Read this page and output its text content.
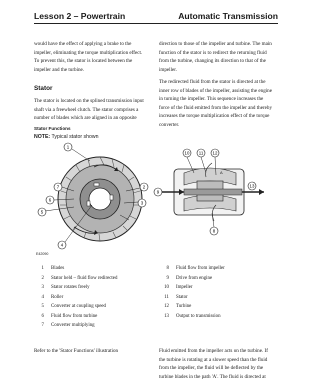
Lesson 2 – Powertrain	Automatic Transmission
would have the effect of applying a brake to the
impeller, eliminating the torque multiplication effect.
To prevent this, the stator is located between the
impeller and the turbine.
Stator
The stator is located on the splined transmission input
shaft via a freewheel clutch. The stator comprises a
number of blades which are aligned in an opposite
Stator Functions
NOTE: Typical stator shown
direction to those of the impeller and turbine. The main
function of the stator is to redirect the returning fluid
from the turbine, changing its direction to that of the
impeller.
The redirected fluid from the stator is directed at the
inner row of blades of the impeller, assisting the engine
in turning the impeller. This sequence increases the
force of the fluid emitted from the impeller and thereby
increases the torque multiplication effect of the torque
converter.
A
1
2
3
4
5
6
7
8
9
13
10 11 12
E42090
1 Blades
2 Stator held – fluid flow redirected
3 Stator rotates freely
4 Roller
5 Converter at coupling speed
6 Fluid flow from turbine
7 Converter multiplying
8 Fluid flow from impeller
9 Drive from engine
10 Impeller
11 Stator
12 Turbine
13 Output to transmission
Refer to the 'Stator Functions' illustration	Fluid emitted from the impeller acts on the turbine. If
the turbine is rotating at a slower speed than the fluid
from the impeller, the fluid will be deflected by the
turbine blades in the path 'A'. The fluid is directed at
